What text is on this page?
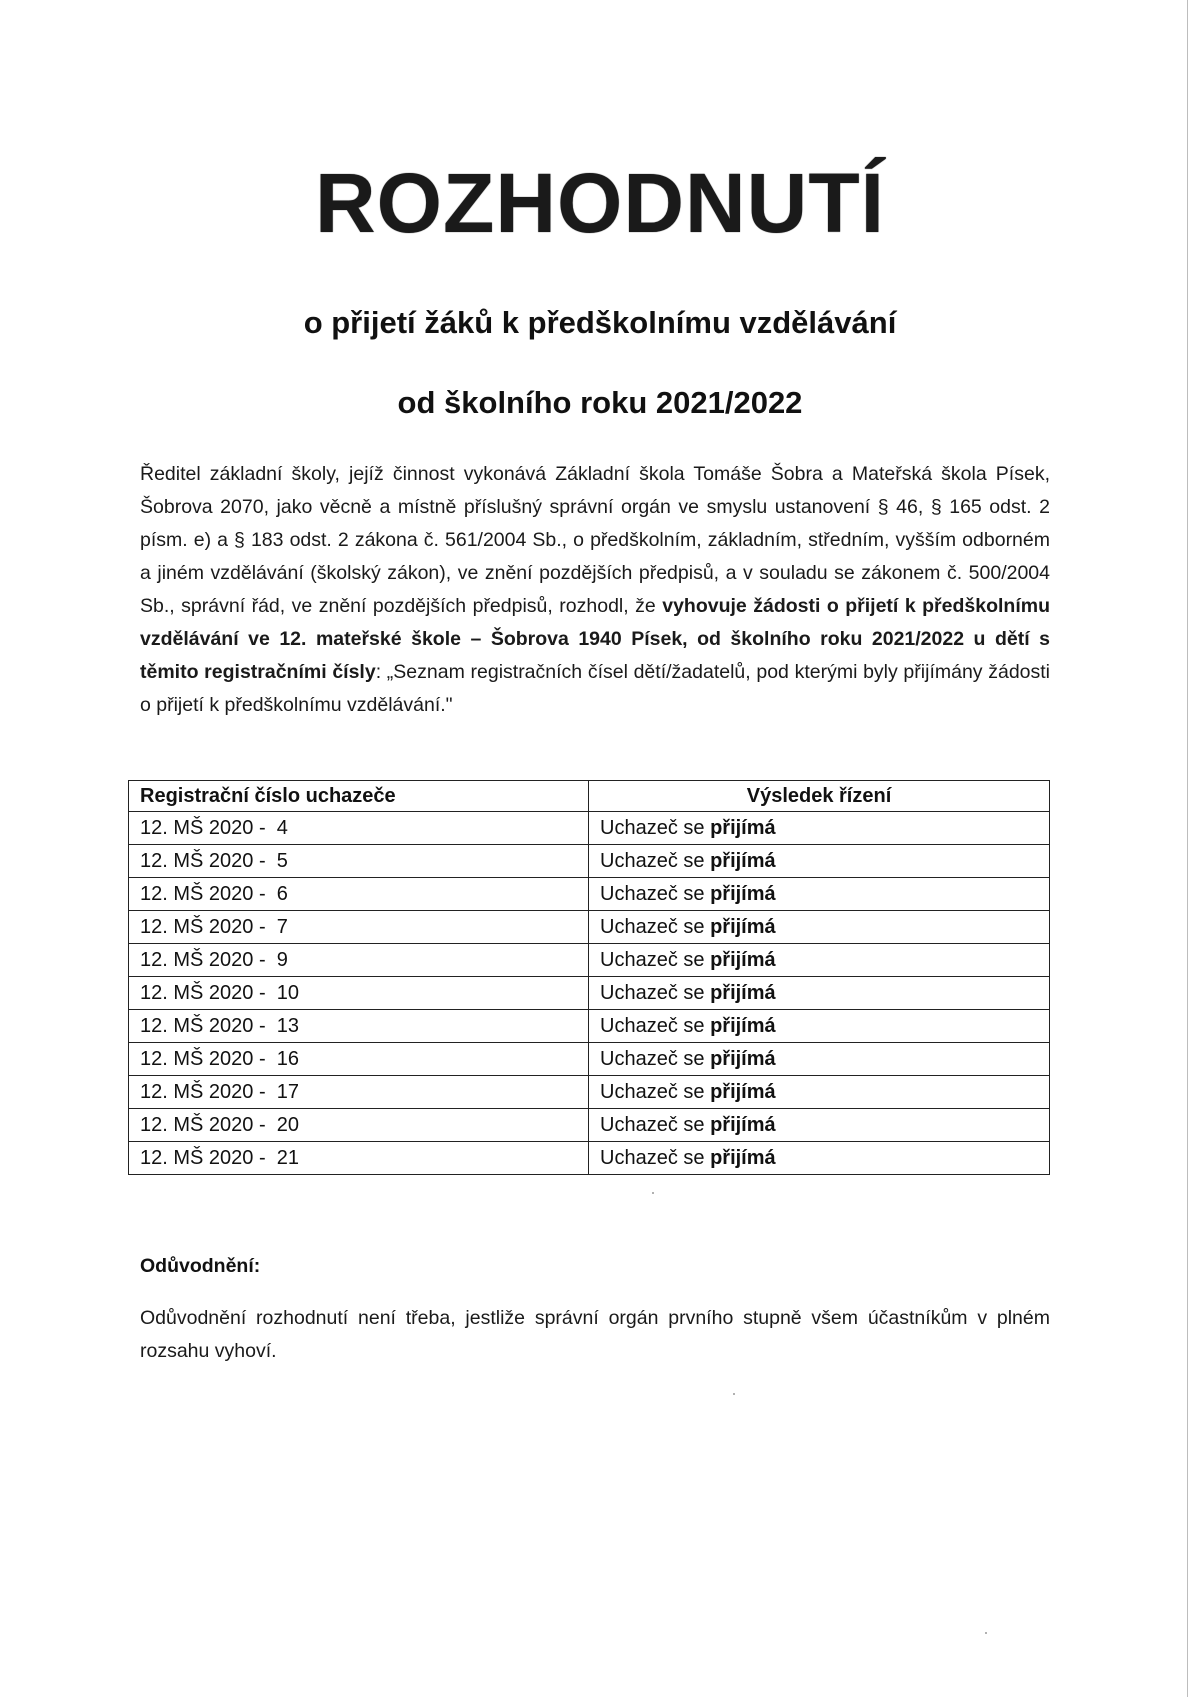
ROZHODNUTÍ
o přijetí žáků k předškolnímu vzdělávání
od školního roku 2021/2022
Ředitel základní školy, jejíž činnost vykonává Základní škola Tomáše Šobra a Mateřská škola Písek, Šobrova 2070, jako věcně a místně příslušný správní orgán ve smyslu ustanovení § 46, § 165 odst. 2 písm. e) a § 183 odst. 2 zákona č. 561/2004 Sb., o předškolním, základním, středním, vyšším odborném a jiném vzdělávání (školský zákon), ve znění pozdějších předpisů, a v souladu se zákonem č. 500/2004 Sb., správní řád, ve znění pozdějších předpisů, rozhodl, že vyhovuje žádosti o přijetí k předškolnímu vzdělávání ve 12. mateřské škole – Šobrova 1940 Písek, od školního roku 2021/2022 u dětí s těmito registračními čísly: „Seznam registračních čísel dětí/žadatelů, pod kterými byly přijímány žádosti o přijetí k předškolnímu vzdělávání."
Registrační číslo uchazeče	Výsledek řízení
12. MŠ 2020 -  4	Uchazeč se přijímá
12. MŠ 2020 -  5	Uchazeč se přijímá
12. MŠ 2020 -  6	Uchazeč se přijímá
12. MŠ 2020 -  7	Uchazeč se přijímá
12. MŠ 2020 -  9	Uchazeč se přijímá
12. MŠ 2020 -  10	Uchazeč se přijímá
12. MŠ 2020 -  13	Uchazeč se přijímá
12. MŠ 2020 -  16	Uchazeč se přijímá
12. MŠ 2020 -  17	Uchazeč se přijímá
12. MŠ 2020 -  20	Uchazeč se přijímá
12. MŠ 2020 -  21	Uchazeč se přijímá
Odůvodnění:
Odůvodnění rozhodnutí není třeba, jestliže správní orgán prvního stupně všem účastníkům v plném rozsahu vyhoví.
